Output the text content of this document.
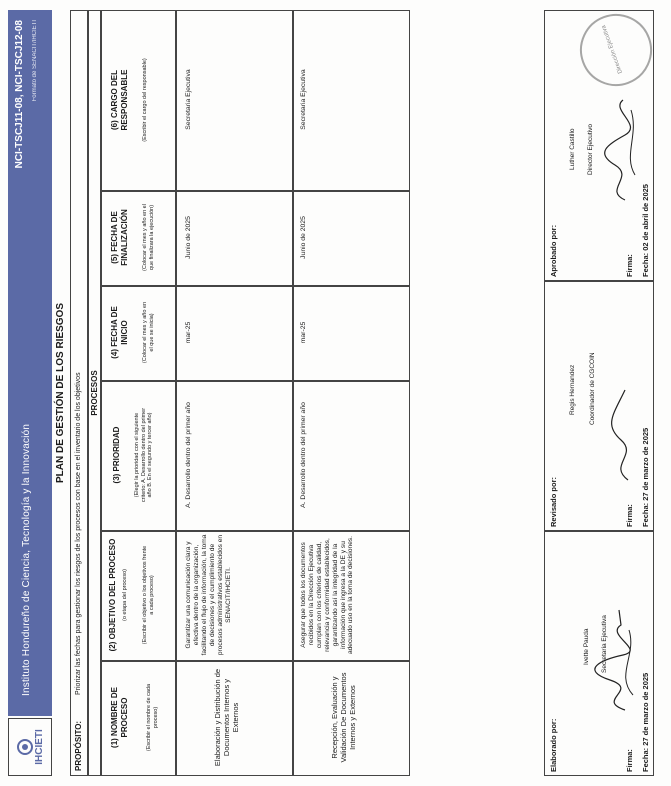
IHCIETI
Instituto Hondureño de Ciencia, Tecnología y la Innovación
NCI-TSCJ11-08, NCI-TSCJ12-08 Formato de SENACIT/IHCIETI
PLAN DE GESTIÓN DE LOS RIESGOS
PROPÓSITO:
Priorizar las fechas para gestionar los riesgos de los procesos con base en el inventario de los objetivos PROCESOS
(1) NOMBRE DE PROCESO	(Escribir el nombre de cada proceso)
(2) OBJETIVO DEL PROCESO (o etapa del proceso)	(Escribir el objetivo o los objetivos frente a cada proceso)
(3) PRIORIDAD (Elegir la prioridad con el siguiente criterio: A. Desarrollo dentro del primer año B. En el segundo y tercer año)
(4) FECHA DE INICIO (Colocar el mes y año en el que se inicia)
(5) FECHA DE FINALIZACIÓN (Colocar el mes y año en el que finalizara la ejecución)
(6) CARGO DEL RESPONSABLE (Escribir el cargo del responsable)
Elaboración y Distribución de Documentos Internos y Externos
Garantizar una comunicación clara y efectiva dentro de la organización, facilitando el flujo de información, la toma de decisiones y el cumplimiento de procesos administrativos establecidos en SENACIT/IHCIETI.
A. Desarrollo dentro del primer año
mar-25
Junio de 2025
Secretaria Ejecutiva
Recepción, Evaluación y Validación De Documentos Internos y Externos
Asegurar que todos los documentos recibidos en la Dirección Ejecutiva cumplan con los criterios de calidad, relevancia y conformidad establecidos, garantizando así la integridad de la información que ingresa a la DE y su adecuado uso en la toma de decisiones.
A. Desarrollo dentro del primer año
mar-25
Junio de 2025
Secretaria Ejecutiva
Elaborado por:
Ivette Pauda Secretaria Ejecutiva
Firma: Fecha: 27 de marzo de 2025
Revisado por:
Regis Hernandez Coordinador de CGCOIN
Firma: Fecha: 27 de marzo de 2025
Aprobado por:
Luther Castillo Director Ejecutivo
Firma: Fecha: 02 de abril de 2025
Dirección Ejecutiva
